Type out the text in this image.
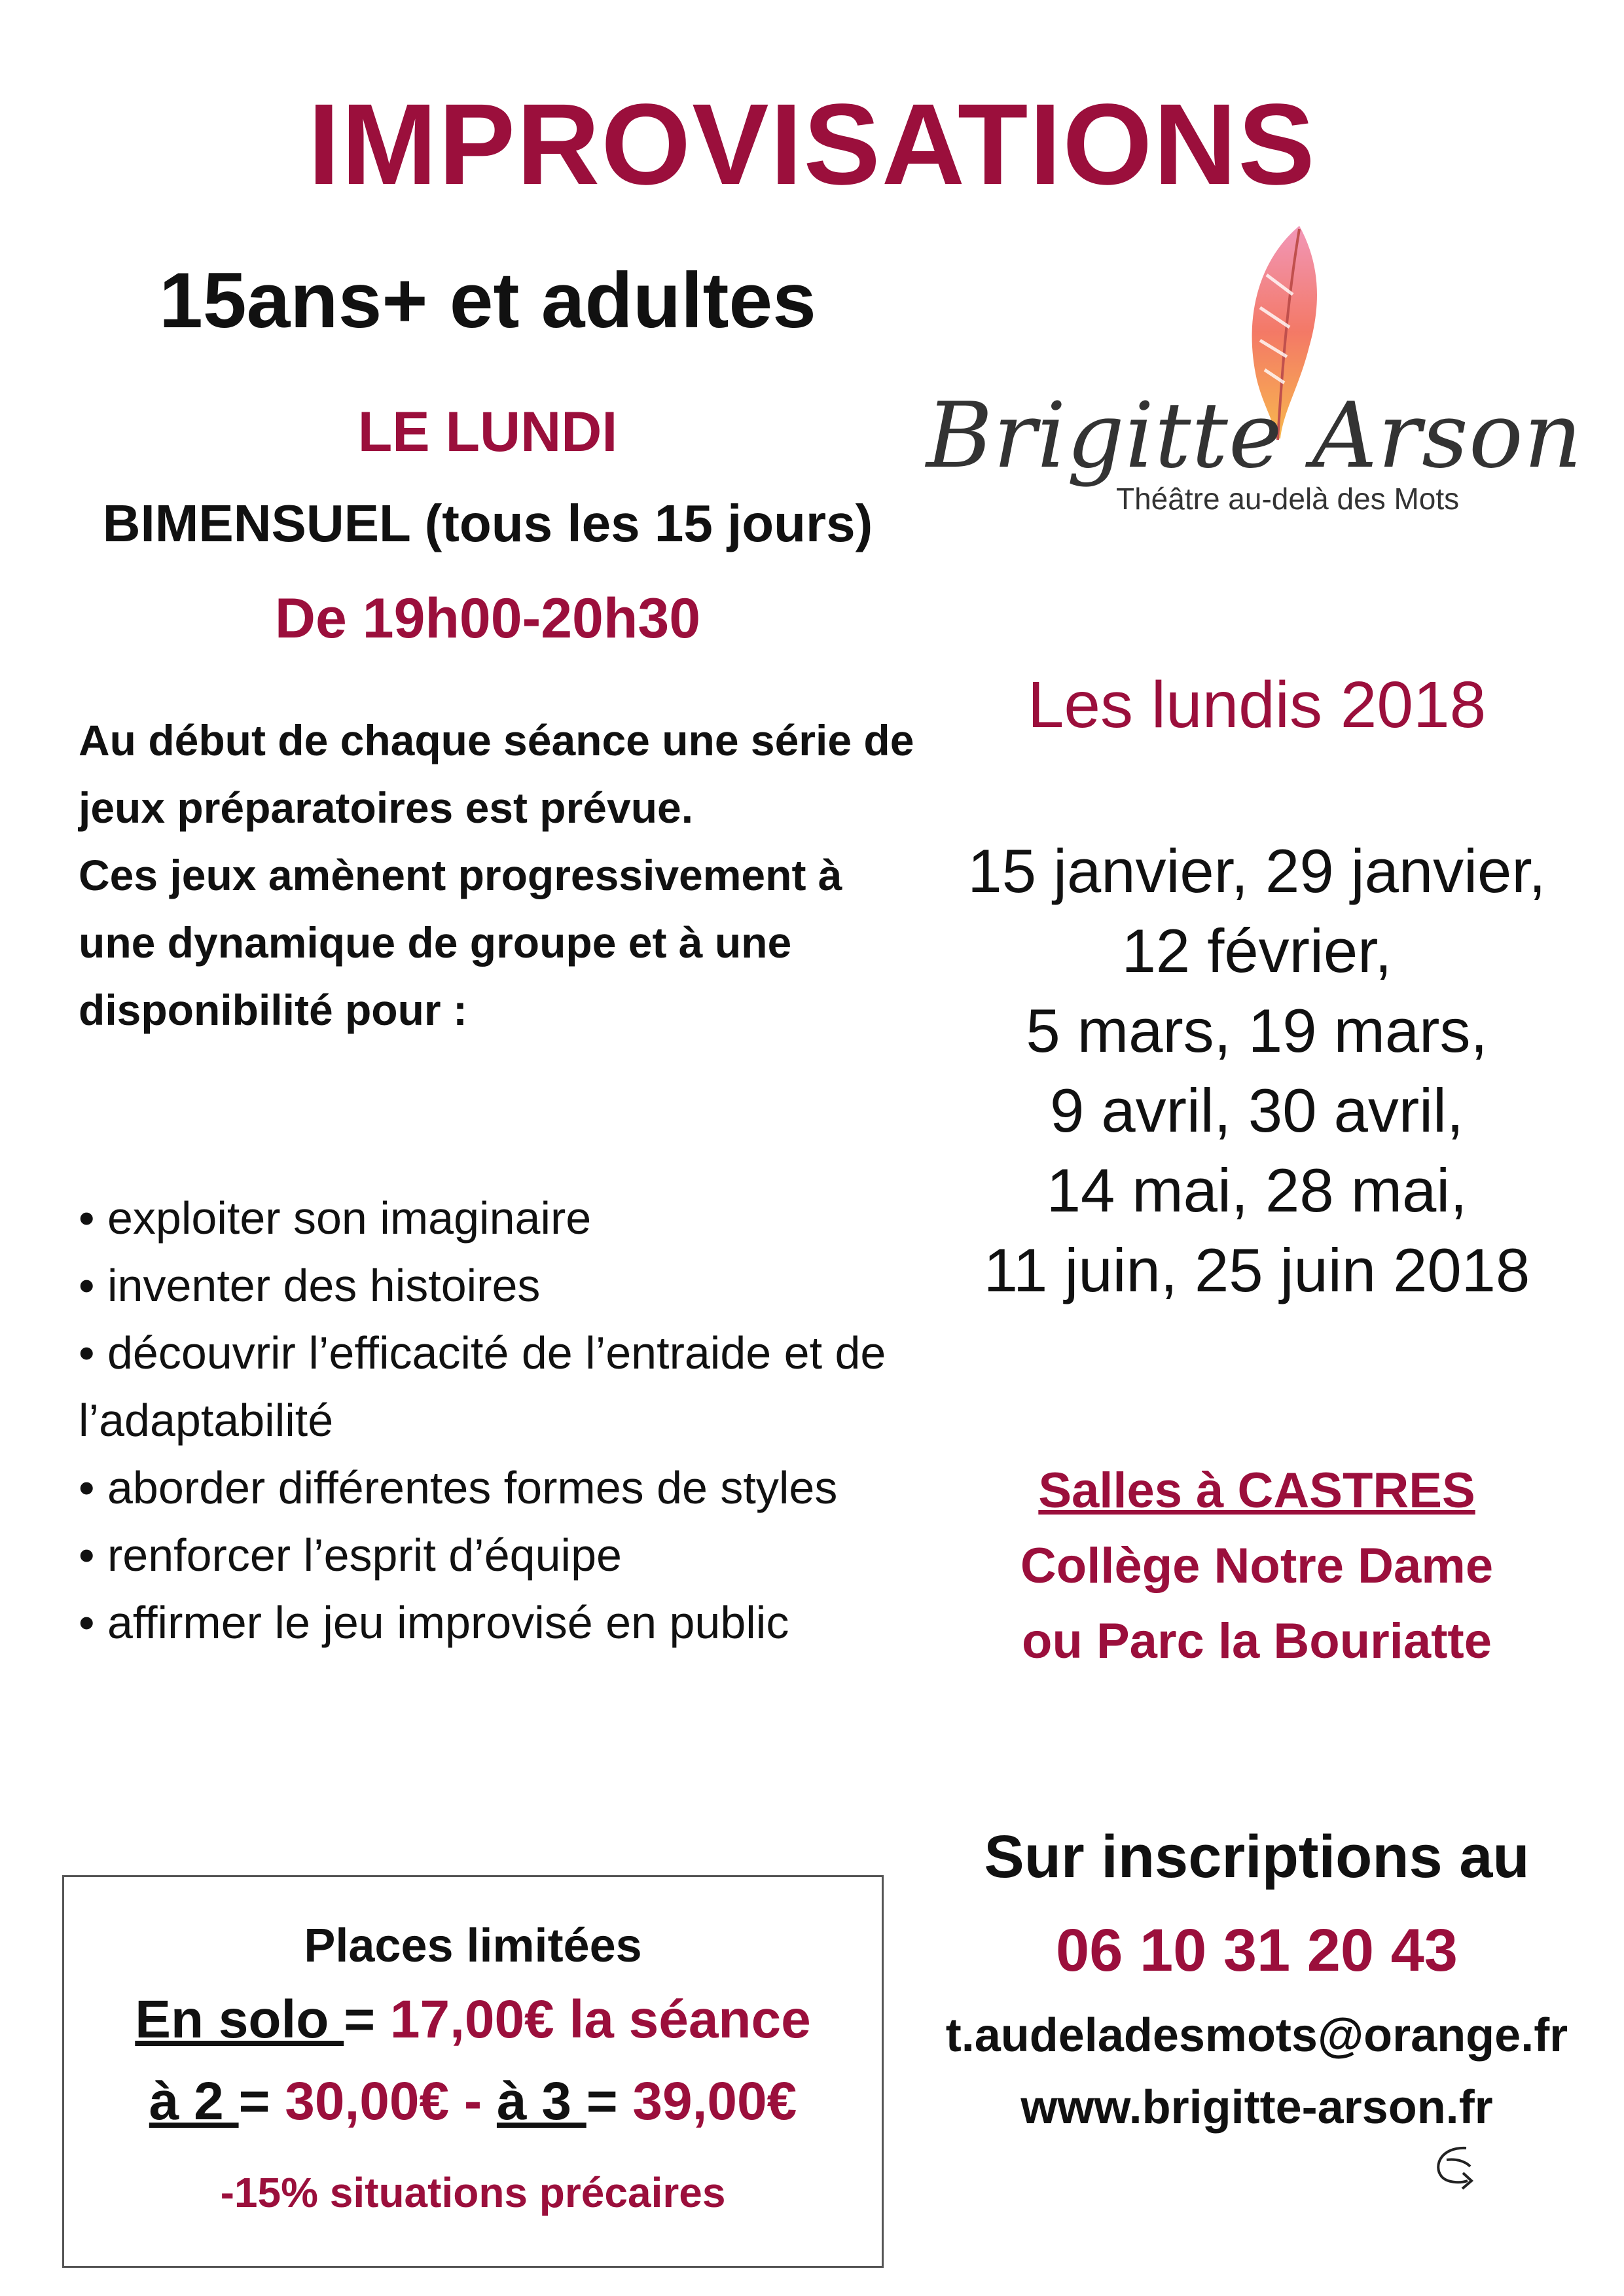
IMPROVISATIONS
15ans+ et adultes
LE LUNDI
BIMENSUEL (tous les 15 jours)
De 19h00-20h30

Au début de chaque séance une série de jeux préparatoires est prévue.

Ces jeux amènent progressivement à une dynamique de groupe et à une disponibilité pour :

• exploiter son imaginaire
• inventer des histoires
• découvrir l’efficacité de l’entraide et de l’adaptabilité
• aborder différentes formes de styles
• renforcer l’esprit d’équipe
• affirmer le jeu improvisé en public
Places limitées
En solo = 17,00€ la séance
à 2 = 30,00€ - à 3 = 39,00€
-15% situations précaires
Brigitte Arson
Théâtre au-delà des Mots
Les lundis 2018
15 janvier, 29 janvier,
12 février,
5 mars, 19 mars,
9 avril, 30 avril,
14 mai, 28 mai,
11 juin, 25 juin 2018
Salles à CASTRES
Collège Notre Dame
ou Parc la Bouriatte
Sur inscriptions au
06 10 31 20 43
t.audeladesmots@orange.fr
www.brigitte-arson.fr
